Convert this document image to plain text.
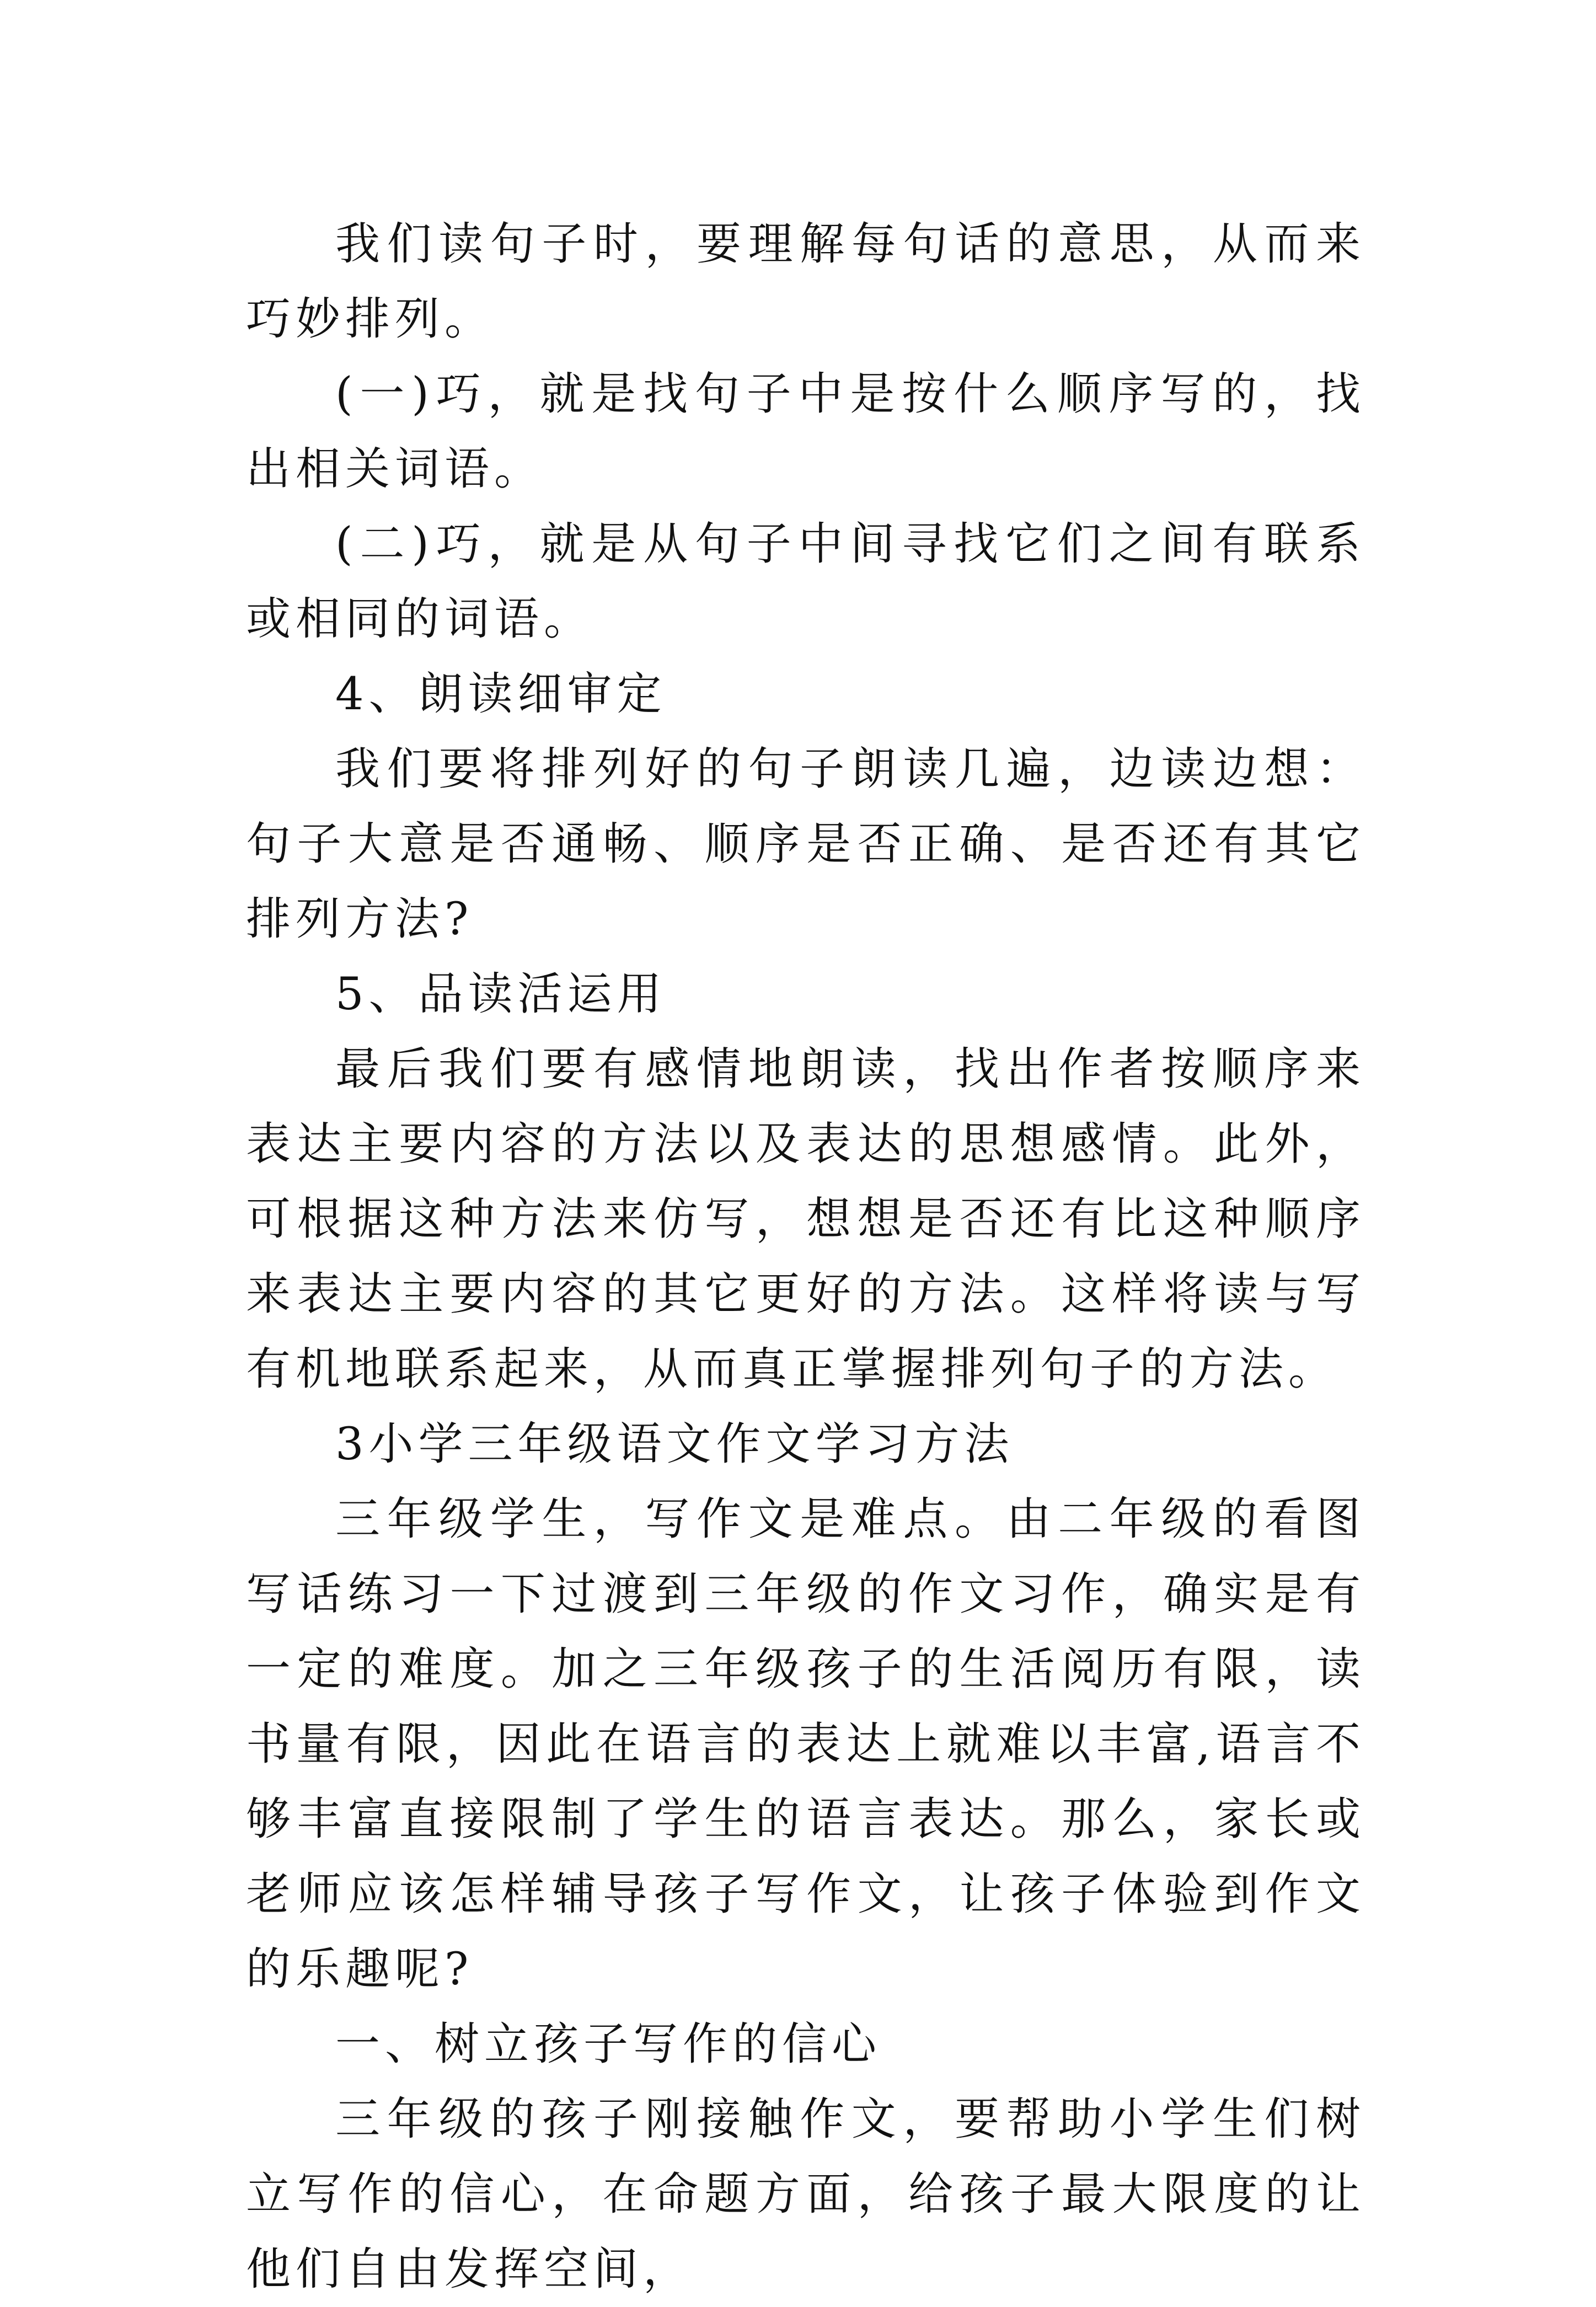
我们读句子时，要理解每句话的意思，从而来巧妙排列。

(一)巧，就是找句子中是按什么顺序写的，找出相关词语。

(二)巧，就是从句子中间寻找它们之间有联系或相同的词语。

4、朗读细审定

我们要将排列好的句子朗读几遍，边读边想：句子大意是否通畅、顺序是否正确、是否还有其它排列方法?

5、品读活运用

最后我们要有感情地朗读，找出作者按顺序来表达主要内容的方法以及表达的思想感情。此外，可根据这种方法来仿写，想想是否还有比这种顺序来表达主要内容的其它更好的方法。这样将读与写有机地联系起来，从而真正掌握排列句子的方法。

3小学三年级语文作文学习方法

三年级学生，写作文是难点。由二年级的看图写话练习一下过渡到三年级的作文习作，确实是有一定的难度。加之三年级孩子的生活阅历有限，读书量有限，因此在语言的表达上就难以丰富,语言不够丰富直接限制了学生的语言表达。那么，家长或老师应该怎样辅导孩子写作文，让孩子体验到作文的乐趣呢?

一、树立孩子写作的信心

三年级的孩子刚接触作文，要帮助小学生们树立写作的信心，在命题方面，给孩子最大限度的让他们自由发挥空间，
